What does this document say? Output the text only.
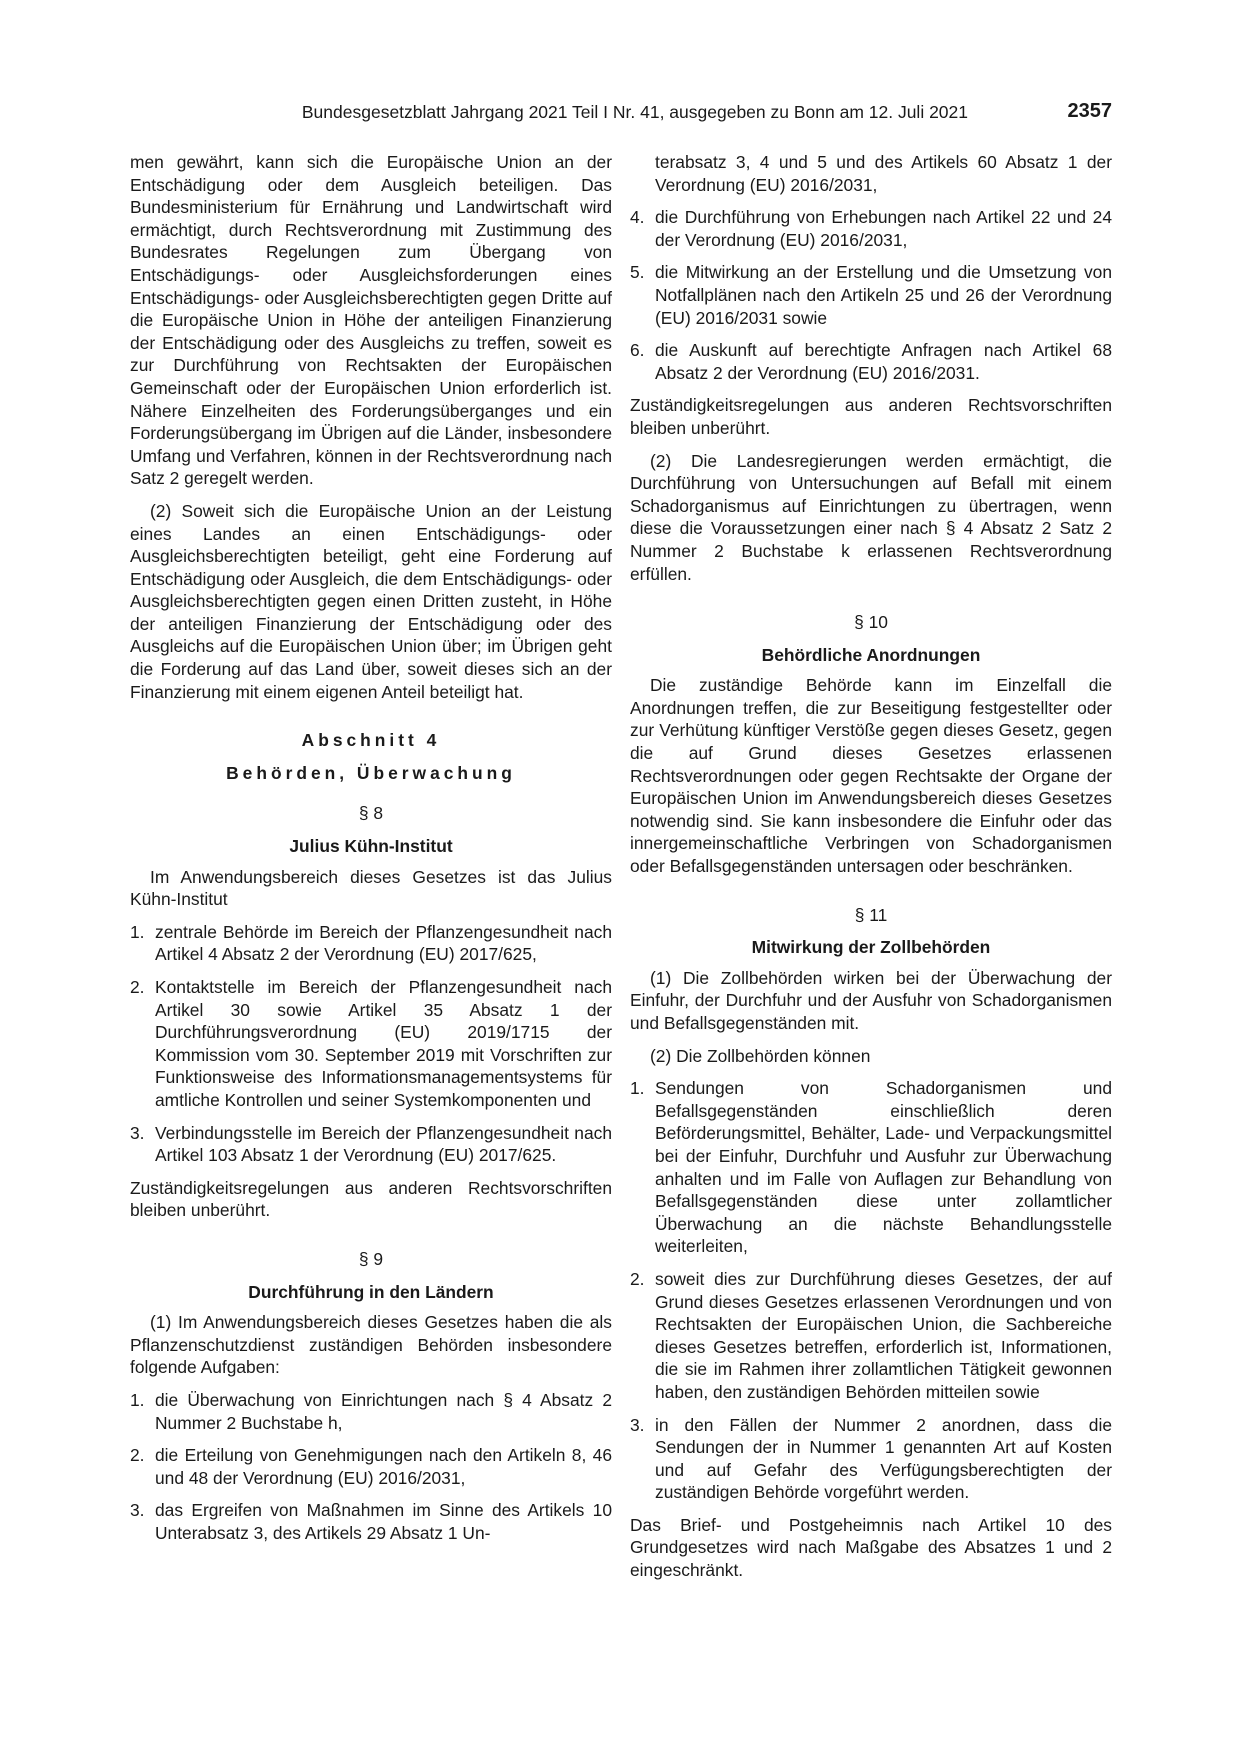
Bundesgesetzblatt Jahrgang 2021 Teil I Nr. 41, ausgegeben zu Bonn am 12. Juli 2021	2357

men gewährt, kann sich die Europäische Union an der Entschädigung oder dem Ausgleich beteiligen. Das Bundesministerium für Ernährung und Landwirtschaft wird ermächtigt, durch Rechtsverordnung mit Zustimmung des Bundesrates Regelungen zum Übergang von Entschädigungs- oder Ausgleichsforderungen eines Entschädigungs- oder Ausgleichsberechtigten gegen Dritte auf die Europäische Union in Höhe der anteiligen Finanzierung der Entschädigung oder des Ausgleichs zu treffen, soweit es zur Durchführung von Rechtsakten der Europäischen Gemeinschaft oder der Europäischen Union erforderlich ist. Nähere Einzelheiten des Forderungsüberganges und ein Forderungsübergang im Übrigen auf die Länder, insbesondere Umfang und Verfahren, können in der Rechtsverordnung nach Satz 2 geregelt werden.

(2) Soweit sich die Europäische Union an der Leistung eines Landes an einen Entschädigungs- oder Ausgleichsberechtigten beteiligt, geht eine Forderung auf Entschädigung oder Ausgleich, die dem Entschädigungs- oder Ausgleichsberechtigten gegen einen Dritten zusteht, in Höhe der anteiligen Finanzierung der Entschädigung oder des Ausgleichs auf die Europäischen Union über; im Übrigen geht die Forderung auf das Land über, soweit dieses sich an der Finanzierung mit einem eigenen Anteil beteiligt hat.

Abschnitt 4
Behörden, Überwachung
§ 8
Julius Kühn-Institut

Im Anwendungsbereich dieses Gesetzes ist das Julius Kühn-Institut

1. zentrale Behörde im Bereich der Pflanzengesundheit nach Artikel 4 Absatz 2 der Verordnung (EU) 2017/625,
2. Kontaktstelle im Bereich der Pflanzengesundheit nach Artikel 30 sowie Artikel 35 Absatz 1 der Durchführungsverordnung (EU) 2019/1715 der Kommission vom 30. September 2019 mit Vorschriften zur Funktionsweise des Informationsmanagementsystems für amtliche Kontrollen und seiner Systemkomponenten und
3. Verbindungsstelle im Bereich der Pflanzengesundheit nach Artikel 103 Absatz 1 der Verordnung (EU) 2017/625.

Zuständigkeitsregelungen aus anderen Rechtsvorschriften bleiben unberührt.

§ 9
Durchführung in den Ländern

(1) Im Anwendungsbereich dieses Gesetzes haben die als Pflanzenschutzdienst zuständigen Behörden insbesondere folgende Aufgaben:

1. die Überwachung von Einrichtungen nach § 4 Absatz 2 Nummer 2 Buchstabe h,
2. die Erteilung von Genehmigungen nach den Artikeln 8, 46 und 48 der Verordnung (EU) 2016/2031,
3. das Ergreifen von Maßnahmen im Sinne des Artikels 10 Unterabsatz 3, des Artikels 29 Absatz 1 Un-
terabsatz 3, 4 und 5 und des Artikels 60 Absatz 1 der Verordnung (EU) 2016/2031,
4. die Durchführung von Erhebungen nach Artikel 22 und 24 der Verordnung (EU) 2016/2031,
5. die Mitwirkung an der Erstellung und die Umsetzung von Notfallplänen nach den Artikeln 25 und 26 der Verordnung (EU) 2016/2031 sowie
6. die Auskunft auf berechtigte Anfragen nach Artikel 68 Absatz 2 der Verordnung (EU) 2016/2031.

Zuständigkeitsregelungen aus anderen Rechtsvorschriften bleiben unberührt.

(2) Die Landesregierungen werden ermächtigt, die Durchführung von Untersuchungen auf Befall mit einem Schadorganismus auf Einrichtungen zu übertragen, wenn diese die Voraussetzungen einer nach § 4 Absatz 2 Satz 2 Nummer 2 Buchstabe k erlassenen Rechtsverordnung erfüllen.

§ 10
Behördliche Anordnungen

Die zuständige Behörde kann im Einzelfall die Anordnungen treffen, die zur Beseitigung festgestellter oder zur Verhütung künftiger Verstöße gegen dieses Gesetz, gegen die auf Grund dieses Gesetzes erlassenen Rechtsverordnungen oder gegen Rechtsakte der Organe der Europäischen Union im Anwendungsbereich dieses Gesetzes notwendig sind. Sie kann insbesondere die Einfuhr oder das innergemeinschaftliche Verbringen von Schadorganismen oder Befallsgegenständen untersagen oder beschränken.

§ 11
Mitwirkung der Zollbehörden

(1) Die Zollbehörden wirken bei der Überwachung der Einfuhr, der Durchfuhr und der Ausfuhr von Schadorganismen und Befallsgegenständen mit.

(2) Die Zollbehörden können

1. Sendungen von Schadorganismen und Befallsgegenständen einschließlich deren Beförderungsmittel, Behälter, Lade- und Verpackungsmittel bei der Einfuhr, Durchfuhr und Ausfuhr zur Überwachung anhalten und im Falle von Auflagen zur Behandlung von Befallsgegenständen diese unter zollamtlicher Überwachung an die nächste Behandlungsstelle weiterleiten,
2. soweit dies zur Durchführung dieses Gesetzes, der auf Grund dieses Gesetzes erlassenen Verordnungen und von Rechtsakten der Europäischen Union, die Sachbereiche dieses Gesetzes betreffen, erforderlich ist, Informationen, die sie im Rahmen ihrer zollamtlichen Tätigkeit gewonnen haben, den zuständigen Behörden mitteilen sowie
3. in den Fällen der Nummer 2 anordnen, dass die Sendungen der in Nummer 1 genannten Art auf Kosten und auf Gefahr des Verfügungsberechtigten der zuständigen Behörde vorgeführt werden.

Das Brief- und Postgeheimnis nach Artikel 10 des Grundgesetzes wird nach Maßgabe des Absatzes 1 und 2 eingeschränkt.
